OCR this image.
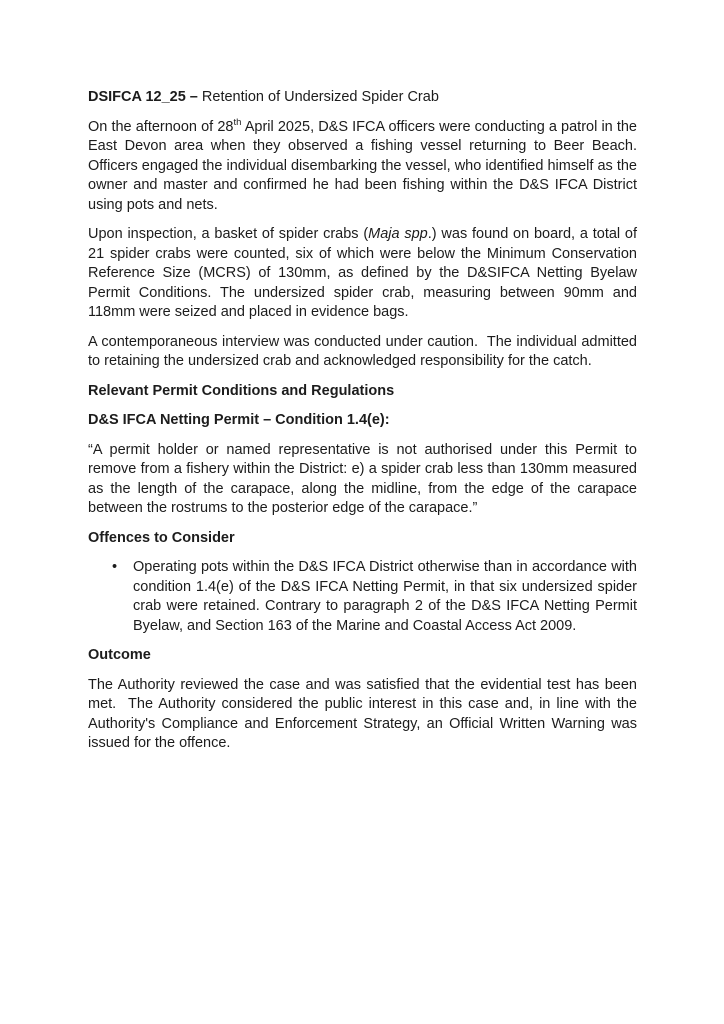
DSIFCA 12_25 – Retention of Undersized Spider Crab

On the afternoon of 28th April 2025, D&S IFCA officers were conducting a patrol in the East Devon area when they observed a fishing vessel returning to Beer Beach. Officers engaged the individual disembarking the vessel, who identified himself as the owner and master and confirmed he had been fishing within the D&S IFCA District using pots and nets.

Upon inspection, a basket of spider crabs (Maja spp.) was found on board, a total of 21 spider crabs were counted, six of which were below the Minimum Conservation Reference Size (MCRS) of 130mm, as defined by the D&SIFCA Netting Byelaw Permit Conditions. The undersized spider crab, measuring between 90mm and 118mm were seized and placed in evidence bags.

A contemporaneous interview was conducted under caution.  The individual admitted to retaining the undersized crab and acknowledged responsibility for the catch.

Relevant Permit Conditions and Regulations

D&S IFCA Netting Permit – Condition 1.4(e):

“A permit holder or named representative is not authorised under this Permit to remove from a fishery within the District: e) a spider crab less than 130mm measured as the length of the carapace, along the midline, from the edge of the carapace between the rostrums to the posterior edge of the carapace.”

Offences to Consider

•	Operating pots within the D&S IFCA District otherwise than in accordance with condition 1.4(e) of the D&S IFCA Netting Permit, in that six undersized spider crab were retained. Contrary to paragraph 2 of the D&S IFCA Netting Permit Byelaw, and Section 163 of the Marine and Coastal Access Act 2009.

Outcome

The Authority reviewed the case and was satisfied that the evidential test has been met.  The Authority considered the public interest in this case and, in line with the Authority's Compliance and Enforcement Strategy, an Official Written Warning was issued for the offence.
